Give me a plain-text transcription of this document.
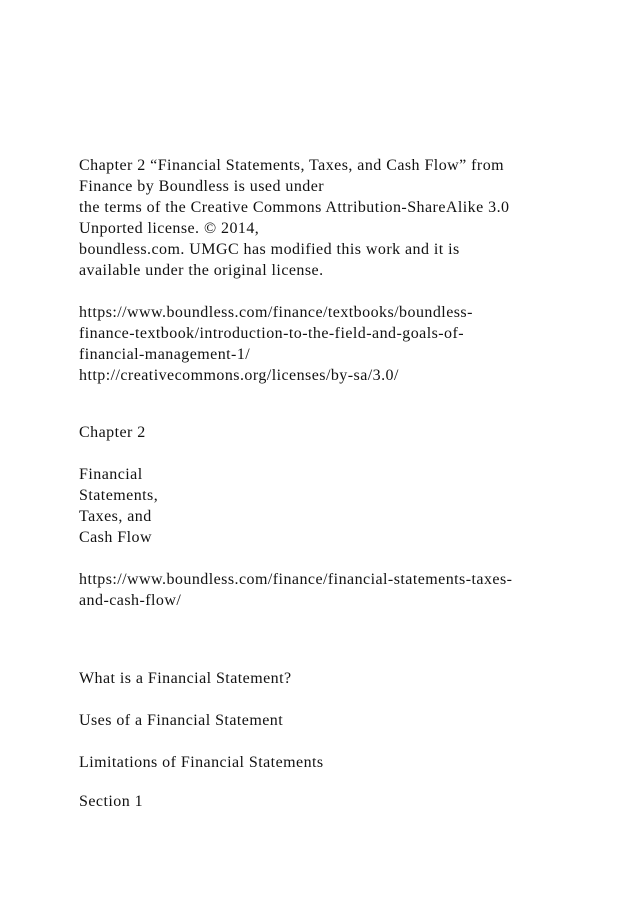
Chapter 2 “Financial Statements, Taxes, and Cash Flow” from
Finance by Boundless is used under
the terms of the Creative Commons Attribution-ShareAlike 3.0
Unported license. © 2014,
boundless.com. UMGC has modified this work and it is
available under the original license.

https://www.boundless.com/finance/textbooks/boundless-
finance-textbook/introduction-to-the-field-and-goals-of-
financial-management-1/
http://creativecommons.org/licenses/by-sa/3.0/

Chapter 2

Financial
Statements,
Taxes, and
Cash Flow

https://www.boundless.com/finance/financial-statements-taxes-
and-cash-flow/

What is a Financial Statement?

Uses of a Financial Statement

Limitations of Financial Statements

Section 1
